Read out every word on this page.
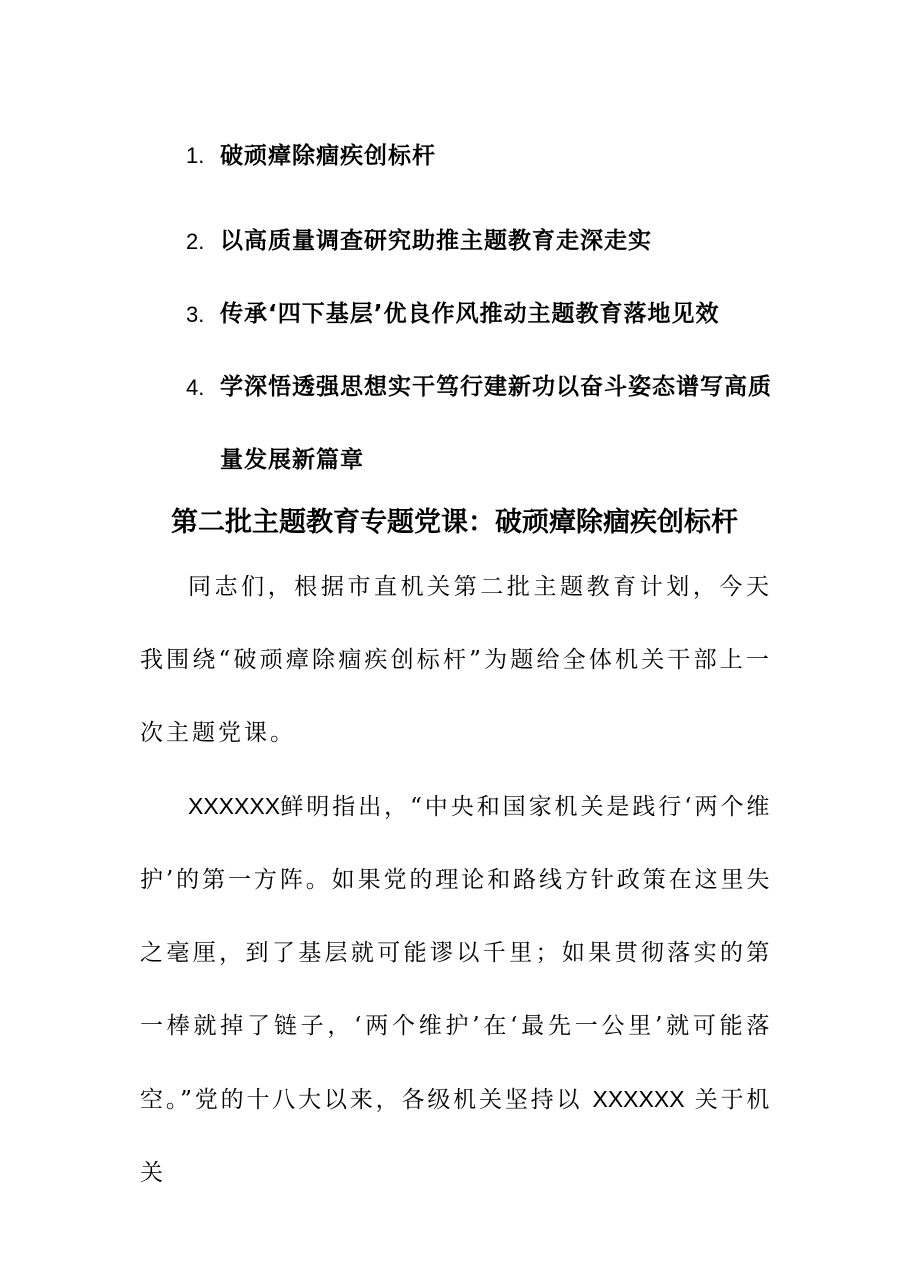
1. 破顽瘴除痼疾创标杆
2. 以高质量调查研究助推主题教育走深走实
3. 传承‘四下基层’优良作风推动主题教育落地见效
4. 学深悟透强思想实干笃行建新功以奋斗姿态谱写高质量发展新篇章
第二批主题教育专题党课：破顽瘴除痼疾创标杆

同志们，根据市直机关第二批主题教育计划，今天我围绕“破顽瘴除痼疾创标杆”为题给全体机关干部上一次主题党课。

XXXXXX鲜明指出，“中央和国家机关是践行‘两个维护’的第一方阵。如果党的理论和路线方针政策在这里失之毫厘，到了基层就可能谬以千里；如果贯彻落实的第一棒就掉了链子，‘两个维护’在‘最先一公里’就可能落空。”党的十八大以来，各级机关坚持以 XXXXXX 关于机关
